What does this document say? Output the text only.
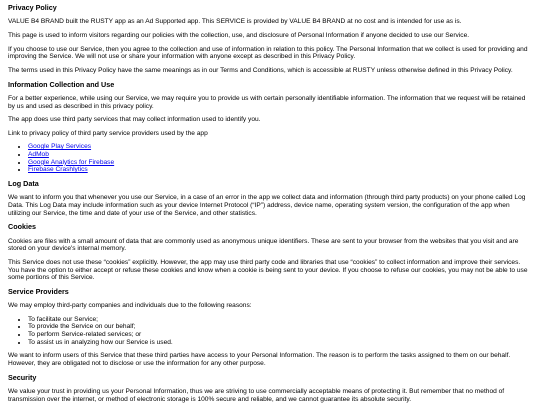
Privacy Policy

VALUE B4 BRAND built the RUSTY app as an Ad Supported app. This SERVICE is provided by VALUE B4 BRAND at no cost and is intended for use as is.

This page is used to inform visitors regarding our policies with the collection, use, and disclosure of Personal Information if anyone decided to use our Service.

If you choose to use our Service, then you agree to the collection and use of information in relation to this policy. The Personal Information that we collect is used for providing and improving the Service. We will not use or share your information with anyone except as described in this Privacy Policy.

The terms used in this Privacy Policy have the same meanings as in our Terms and Conditions, which is accessible at RUSTY unless otherwise defined in this Privacy Policy.

Information Collection and Use

For a better experience, while using our Service, we may require you to provide us with certain personally identifiable information. The information that we request will be retained by us and used as described in this privacy policy.

The app does use third party services that may collect information used to identify you.

Link to privacy policy of third party service providers used by the app

• Google Play Services
• AdMob
• Google Analytics for Firebase
• Firebase Crashlytics
Log Data

We want to inform you that whenever you use our Service, in a case of an error in the app we collect data and information (through third party products) on your phone called Log Data. This Log Data may include information such as your device Internet Protocol (“IP”) address, device name, operating system version, the configuration of the app when utilizing our Service, the time and date of your use of the Service, and other statistics.

Cookies

Cookies are files with a small amount of data that are commonly used as anonymous unique identifiers. These are sent to your browser from the websites that you visit and are stored on your device's internal memory.

This Service does not use these “cookies” explicitly. However, the app may use third party code and libraries that use “cookies” to collect information and improve their services. You have the option to either accept or refuse these cookies and know when a cookie is being sent to your device. If you choose to refuse our cookies, you may not be able to use some portions of this Service.

Service Providers

We may employ third-party companies and individuals due to the following reasons:

• To facilitate our Service;
• To provide the Service on our behalf;
• To perform Service-related services; or
• To assist us in analyzing how our Service is used.

We want to inform users of this Service that these third parties have access to your Personal Information. The reason is to perform the tasks assigned to them on our behalf. However, they are obligated not to disclose or use the information for any other purpose.

Security

We value your trust in providing us your Personal Information, thus we are striving to use commercially acceptable means of protecting it. But remember that no method of transmission over the internet, or method of electronic storage is 100% secure and reliable, and we cannot guarantee its absolute security.
